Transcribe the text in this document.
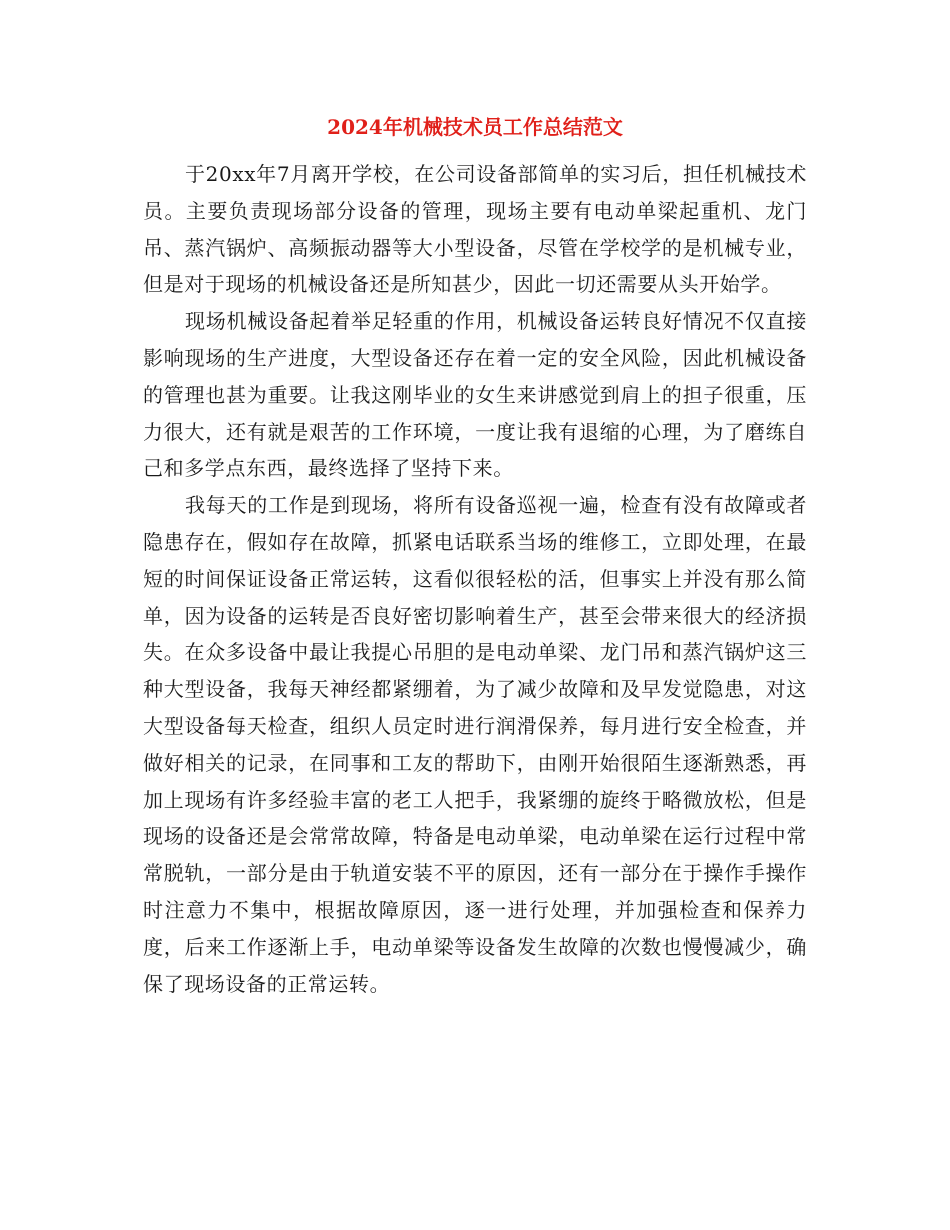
2024年机械技术员工作总结范文

于20xx年7月离开学校，在公司设备部简单的实习后，担任机械技术员。主要负责现场部分设备的管理，现场主要有电动单梁起重机、龙门吊、蒸汽锅炉、高频振动器等大小型设备，尽管在学校学的是机械专业，但是对于现场的机械设备还是所知甚少，因此一切还需要从头开始学。

现场机械设备起着举足轻重的作用，机械设备运转良好情况不仅直接影响现场的生产进度，大型设备还存在着一定的安全风险，因此机械设备的管理也甚为重要。让我这刚毕业的女生来讲感觉到肩上的担子很重，压力很大，还有就是艰苦的工作环境，一度让我有退缩的心理，为了磨练自己和多学点东西，最终选择了坚持下来。

我每天的工作是到现场，将所有设备巡视一遍，检查有没有故障或者隐患存在，假如存在故障，抓紧电话联系当场的维修工，立即处理，在最短的时间保证设备正常运转，这看似很轻松的活，但事实上并没有那么简单，因为设备的运转是否良好密切影响着生产，甚至会带来很大的经济损失。在众多设备中最让我提心吊胆的是电动单梁、龙门吊和蒸汽锅炉这三种大型设备，我每天神经都紧绷着，为了减少故障和及早发觉隐患，对这大型设备每天检查，组织人员定时进行润滑保养，每月进行安全检查，并做好相关的记录，在同事和工友的帮助下，由刚开始很陌生逐渐熟悉，再加上现场有许多经验丰富的老工人把手，我紧绷的旋终于略微放松，但是现场的设备还是会常常故障，特备是电动单梁，电动单梁在运行过程中常常脱轨，一部分是由于轨道安装不平的原因，还有一部分在于操作手操作时注意力不集中，根据故障原因，逐一进行处理，并加强检查和保养力度，后来工作逐渐上手，电动单梁等设备发生故障的次数也慢慢减少，确保了现场设备的正常运转。
